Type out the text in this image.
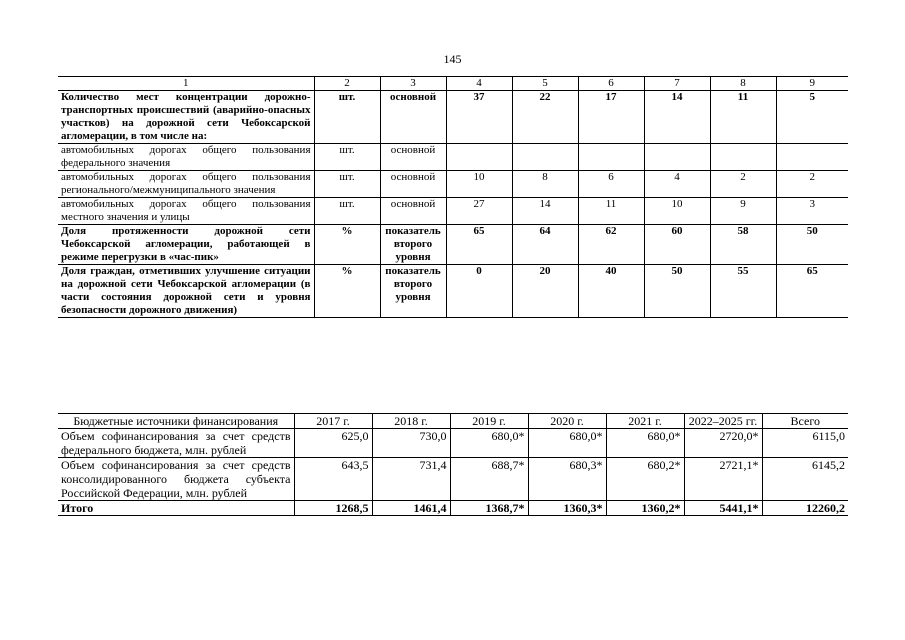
145
1	2	3	4	5	6	7	8	9
Количество мест концентрации дорожно-транспортных происшествий (аварийно-опасных участков) на дорожной сети Чебоксарской агломерации, в том числе на:	шт.	основной	37	22	17	14	11	5
автомобильных дорогах общего пользования федерального значения	шт.	основной						
автомобильных дорогах общего пользования регионального/межмуниципального значения	шт.	основной	10	8	6	4	2	2
автомобильных дорогах общего пользования местного значения и улицы	шт.	основной	27	14	11	10	9	3
Доля протяженности дорожной сети Чебоксарской агломерации, работающей в режиме перегрузки в «час-пик»	%	показатель второго уровня	65	64	62	60	58	50
Доля граждан, отметивших улучшение ситуации на дорожной сети Чебоксарской агломерации (в части состояния дорожной сети и уровня безопасности дорожного движения)	%	показатель второго уровня	0	20	40	50	55	65
Бюджетные источники финансирования	2017 г.	2018 г.	2019 г.	2020 г.	2021 г.	2022–2025 гг.	Всего
Объем софинансирования за счет средств федерального бюджета, млн. рублей	625,0	730,0	680,0*	680,0*	680,0*	2720,0*	6115,0
Объем софинансирования за счет средств консолидированного бюджета субъекта Российской Федерации, млн. рублей	643,5	731,4	688,7*	680,3*	680,2*	2721,1*	6145,2
Итого	1268,5	1461,4	1368,7*	1360,3*	1360,2*	5441,1*	12260,2
